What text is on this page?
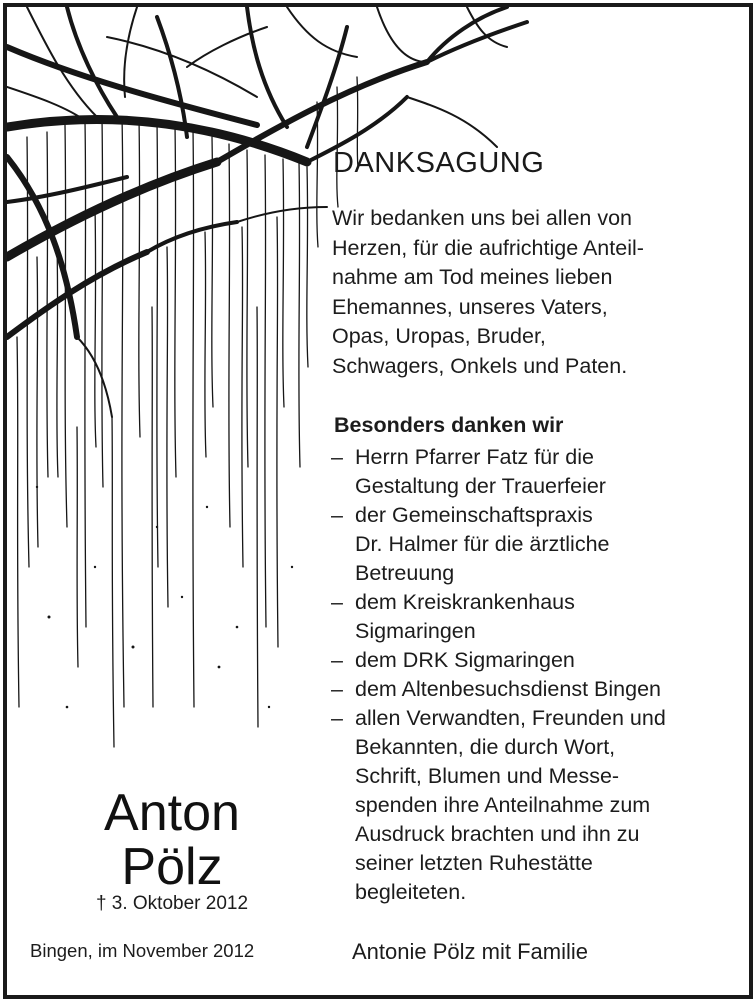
DANKSAGUNG
Wir bedanken uns bei allen von
Herzen, für die aufrichtige Anteil-
nahme am Tod meines lieben
Ehemannes, unseres Vaters,
Opas, Uropas, Bruder,
Schwagers, Onkels und Paten.
Besonders danken wir
– Herrn Pfarrer Fatz für die
Gestaltung der Trauerfeier
– der Gemeinschaftspraxis
Dr. Halmer für die ärztliche
Betreuung
– dem Kreiskrankenhaus
Sigmaringen
– dem DRK Sigmaringen
– dem Altenbesuchsdienst Bingen
– allen Verwandten, Freunden und
Bekannten, die durch Wort,
Schrift, Blumen und Messe-
spenden ihre Anteilnahme zum
Ausdruck brachten und ihn zu
seiner letzten Ruhestätte
begleiteten.
Anton
Pölz
† 3. Oktober 2012
Bingen, im November 2012	Antonie Pölz mit Familie
